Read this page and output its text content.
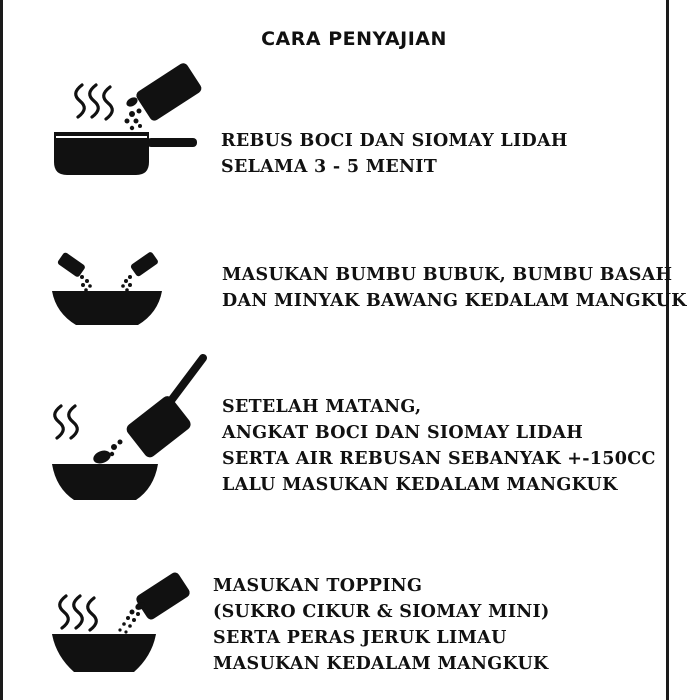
CARA PENYAJIAN
REBUS BOCI DAN SIOMAY LIDAH
SELAMA 3 - 5 MENIT
MASUKAN BUMBU BUBUK, BUMBU BASAH
DAN MINYAK BAWANG KEDALAM MANGKUK
SETELAH MATANG,
ANGKAT BOCI DAN SIOMAY LIDAH
SERTA AIR REBUSAN SEBANYAK +-150CC
LALU MASUKAN KEDALAM MANGKUK
MASUKAN TOPPING
(SUKRO CIKUR & SIOMAY MINI)
SERTA PERAS JERUK LIMAU
MASUKAN KEDALAM MANGKUK
